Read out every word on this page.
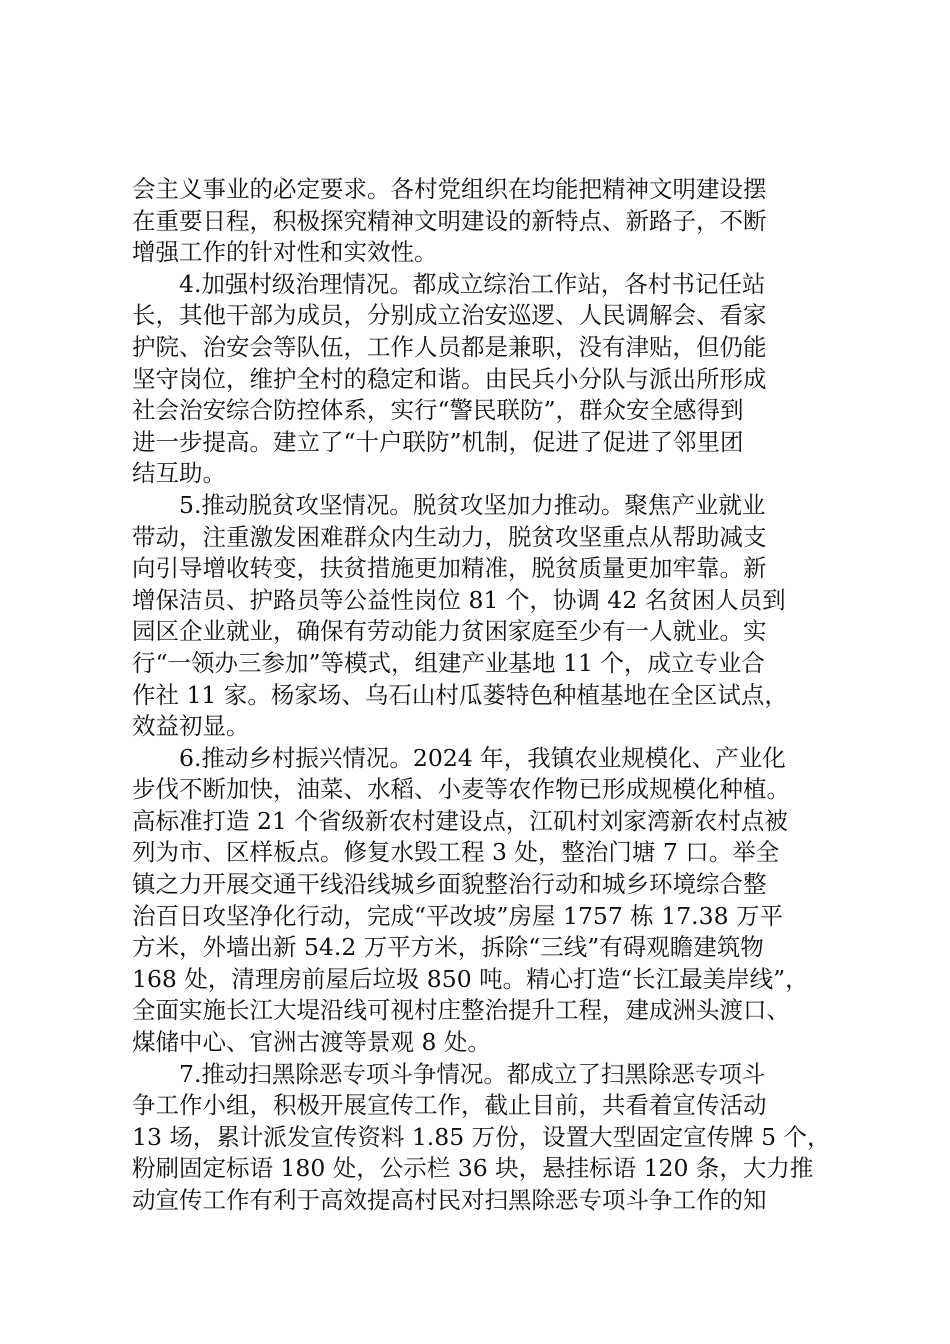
会主义事业的必定要求。各村党组织在均能把精神文明建设摆
在重要日程，积极探究精神文明建设的新特点、新路子，不断
增强工作的针对性和实效性。
4.加强村级治理情况。都成立综治工作站，各村书记任站
长，其他干部为成员，分别成立治安巡逻、人民调解会、看家
护院、治安会等队伍，工作人员都是兼职，没有津贴，但仍能
坚守岗位，维护全村的稳定和谐。由民兵小分队与派出所形成
社会治安综合防控体系，实行“警民联防”，群众安全感得到
进一步提高。建立了“十户联防”机制，促进了促进了邻里团
结互助。
5.推动脱贫攻坚情况。脱贫攻坚加力推动。聚焦产业就业
带动，注重激发困难群众内生动力，脱贫攻坚重点从帮助减支
向引导增收转变，扶贫措施更加精准，脱贫质量更加牢靠。新
增保洁员、护路员等公益性岗位 81 个，协调 42 名贫困人员到
园区企业就业，确保有劳动能力贫困家庭至少有一人就业。实
行“一领办三参加”等模式，组建产业基地 11 个，成立专业合
作社 11 家。杨家场、乌石山村瓜蒌特色种植基地在全区试点，
效益初显。
6.推动乡村振兴情况。2024 年，我镇农业规模化、产业化
步伐不断加快，油菜、水稻、小麦等农作物已形成规模化种植。
高标准打造 21 个省级新农村建设点，江矶村刘家湾新农村点被
列为市、区样板点。修复水毁工程 3 处，整治门塘 7 口。举全
镇之力开展交通干线沿线城乡面貌整治行动和城乡环境综合整
治百日攻坚净化行动，完成“平改坡”房屋 1757 栋 17.38 万平
方米，外墙出新 54.2 万平方米，拆除“三线”有碍观瞻建筑物
168 处，清理房前屋后垃圾 850 吨。精心打造“长江最美岸线”，
全面实施长江大堤沿线可视村庄整治提升工程，建成洲头渡口、
煤储中心、官洲古渡等景观 8 处。
7.推动扫黑除恶专项斗争情况。都成立了扫黑除恶专项斗
争工作小组，积极开展宣传工作，截止目前，共看着宣传活动
13 场，累计派发宣传资料 1.85 万份，设置大型固定宣传牌 5 个，
粉刷固定标语 180 处，公示栏 36 块，悬挂标语 120 条，大力推
动宣传工作有利于高效提高村民对扫黑除恶专项斗争工作的知
